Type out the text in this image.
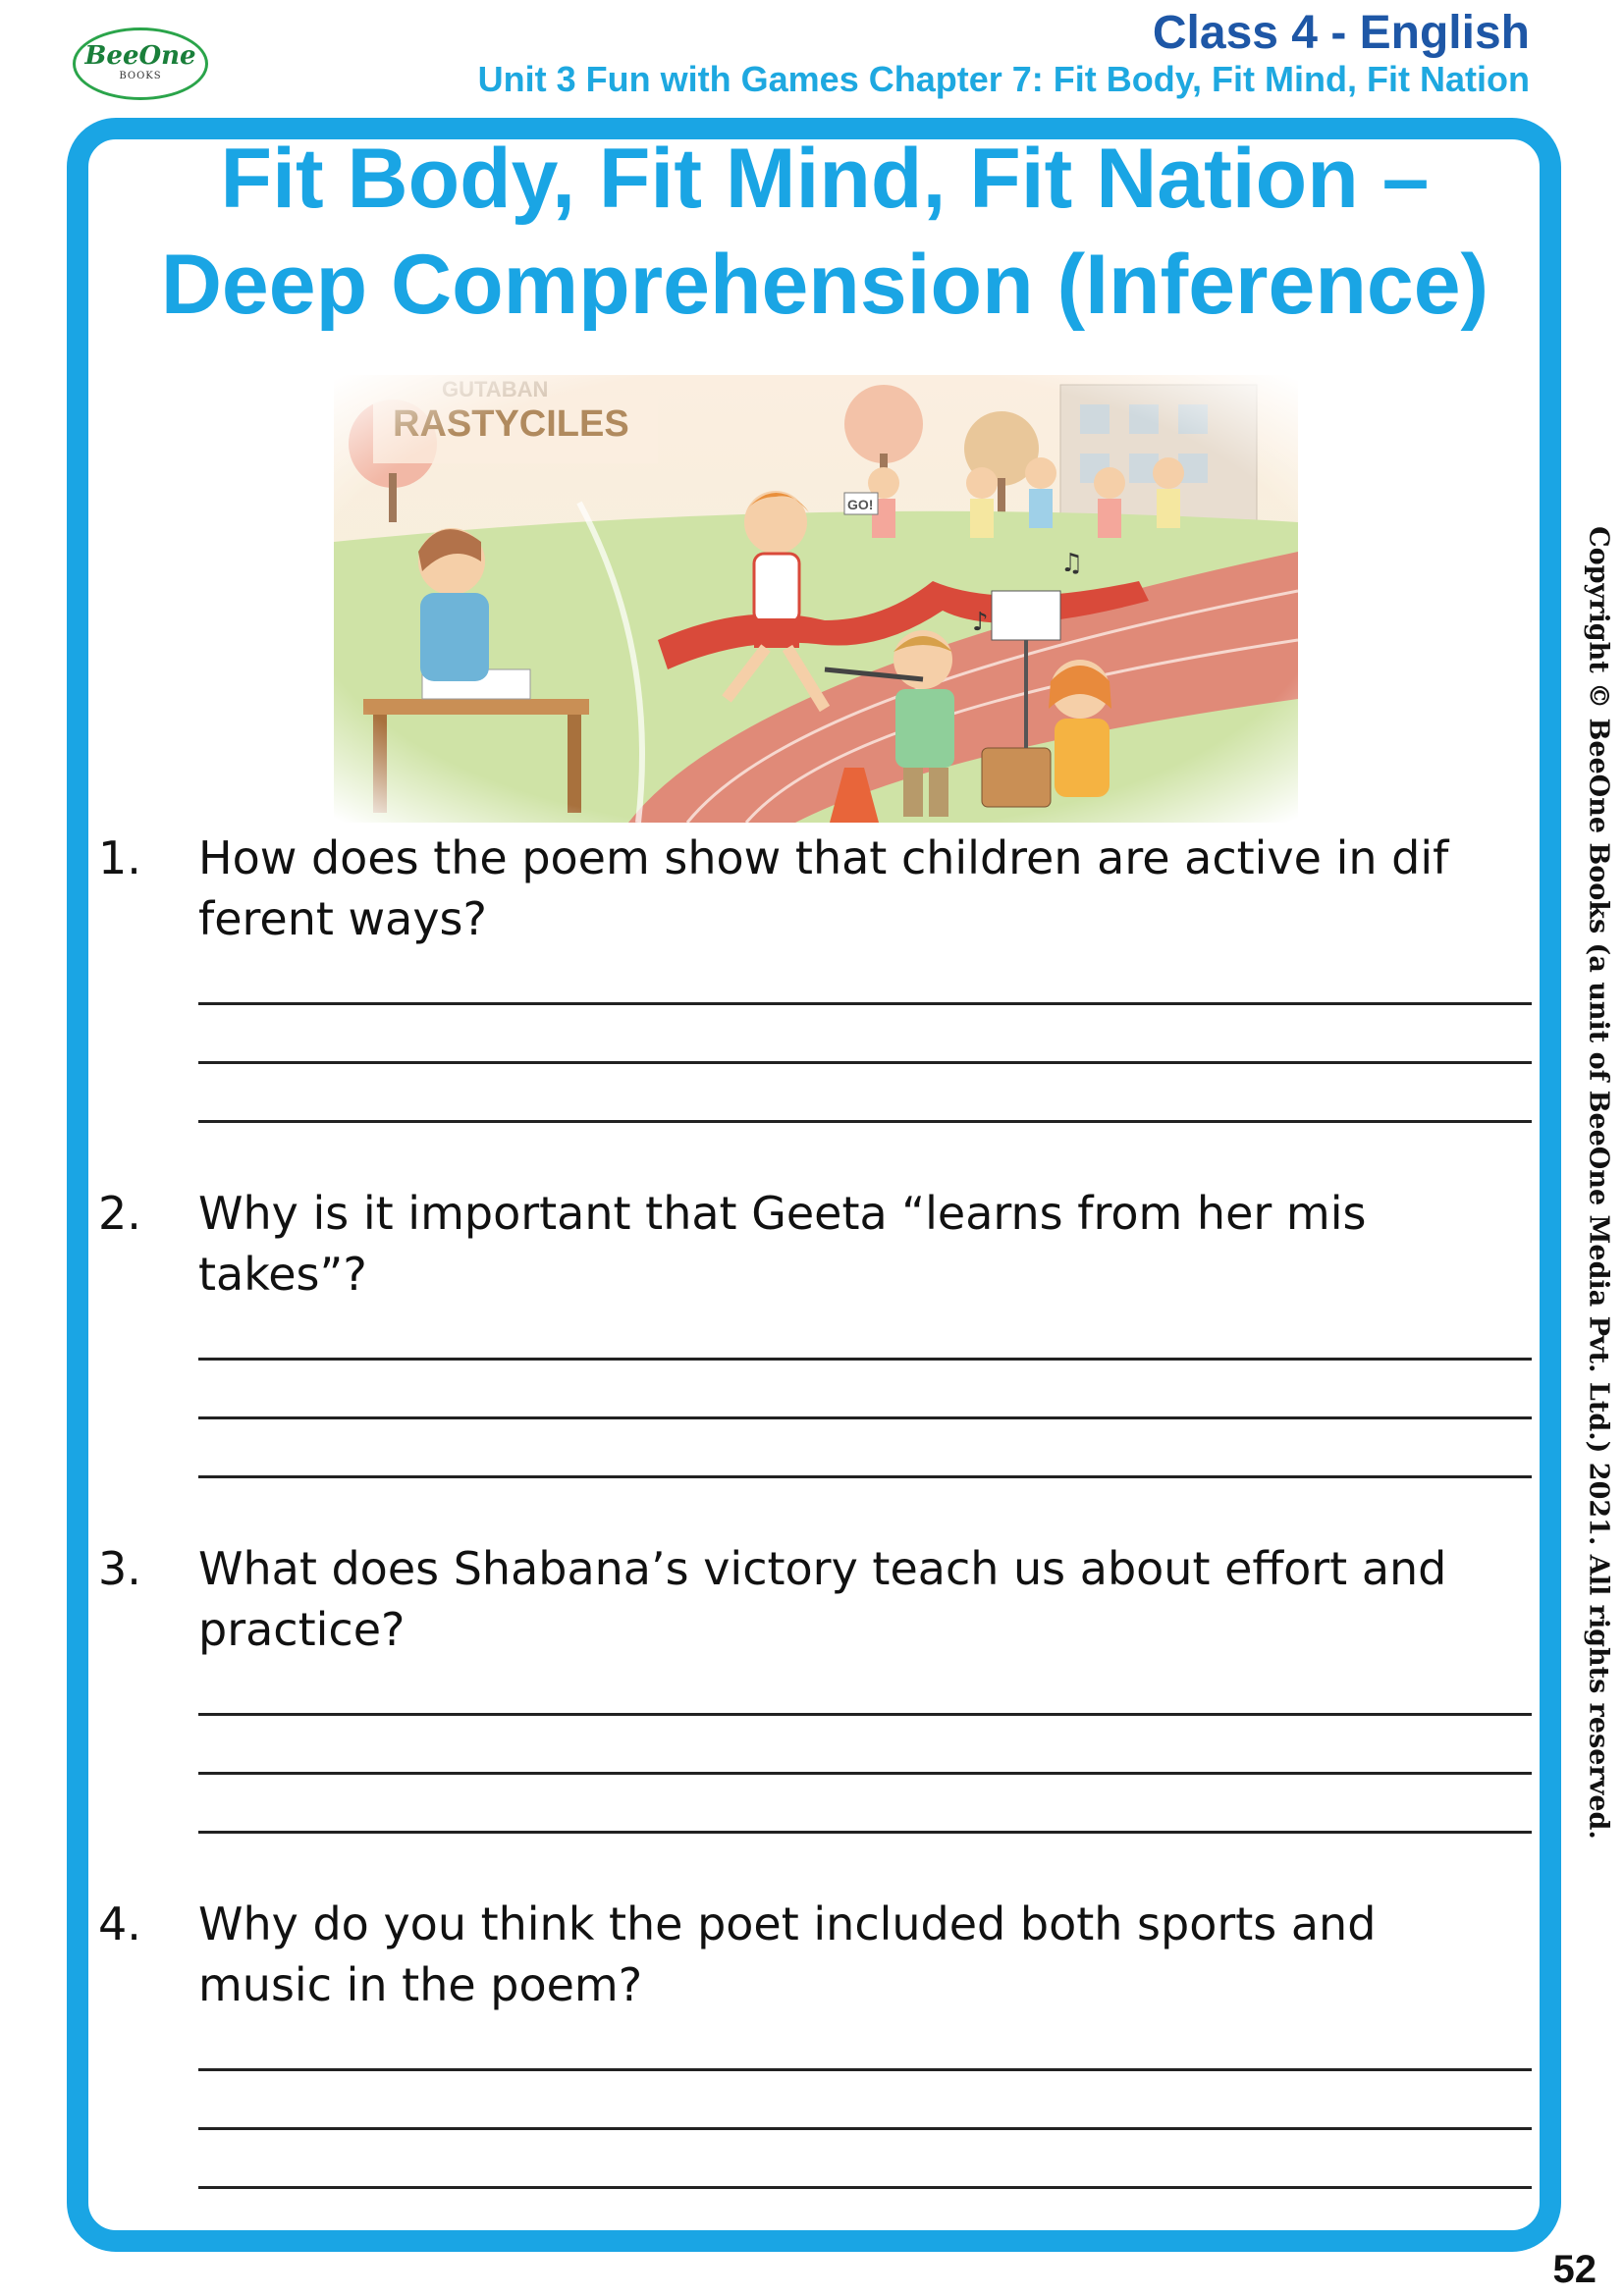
BeeOne
BOOKS
Class 4 - English
Unit 3 Fun with Games Chapter 7: Fit Body, Fit Mind, Fit Nation
Fit Body, Fit Mind, Fit Nation –
Deep Comprehension (Inference)
1. How does the poem show that children are active in dif
ferent ways?
2. Why is it important that Geeta “learns from her mis
takes”?
3. What does Shabana’s victory teach us about effort and
practice?
4. Why do you think the poet included both sports and
music in the poem?
Copyright © BeeOne Books (a unit of BeeOne Media Pvt. Ltd.) 2021. All rights reserved.
52
